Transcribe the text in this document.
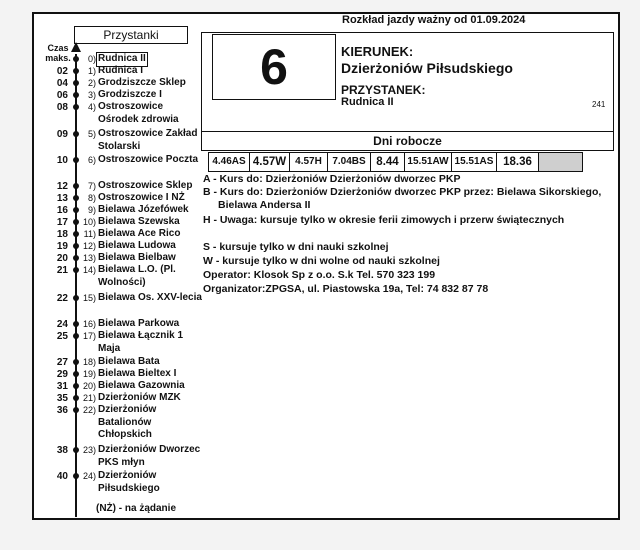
Przystanki
Czas maks.	0) Rudnica II
02	1) Rudnica I
04	2) Grodziszcze Sklep
06	3) Grodziszcze I
08	4) Ostroszowice Ośrodek zdrowia
09	5) Ostroszowice Zakład Stolarski
10	6) Ostroszowice Poczta
12	7) Ostroszowice Sklep
13	8) Ostroszowice I NŻ
16	9) Bielawa Józefówek
17 10) Bielawa Szewska
18 11) Bielawa Ace Rico
19 12) Bielawa Ludowa
20 13) Bielawa Bielbaw
21 14) Bielawa L.O. (Pl. Wolności)
22 15) Bielawa Os. XXV-lecia
24 16) Bielawa Parkowa
25 17) Bielawa Łącznik 1 Maja
27 18) Bielawa Bata
29 19) Bielawa Bieltex I
31 20) Bielawa Gazownia
35 21) Dzierżoniów MZK
36 22) Dzierżoniów Batalionów Chłopskich
38 23) Dzierżoniów Dworzec PKS młyn
40 24) Dzierżoniów Piłsudskiego
(NŻ) - na żądanie
Rozkład jazdy ważny od 01.09.2024
6	KIERUNEK:
Dzierżoniów Piłsudskiego
PRZYSTANEK:
Rudnica II	241
Dni robocze
4.46AS 4.57W 4.57H	7.04BS 8.44 15.51AW 15.51AS 18.36
A - Kurs do: Dzierżoniów Dzierżoniów dworzec PKP
B - Kurs do: Dzierżoniów Dzierżoniów dworzec PKP przez: Bielawa Sikorskiego,
Bielawa Andersa II
H - Uwaga: kursuje tylko w okresie ferii zimowych i przerw świątecznych
S - kursuje tylko w dni nauki szkolnej
W - kursuje tylko w dni wolne od nauki szkolnej
Operator: Klosok Sp z o.o. S.k Tel. 570 323 199
Organizator:ZPGSA, ul. Piastowska 19a, Tel: 74 832 87 78
